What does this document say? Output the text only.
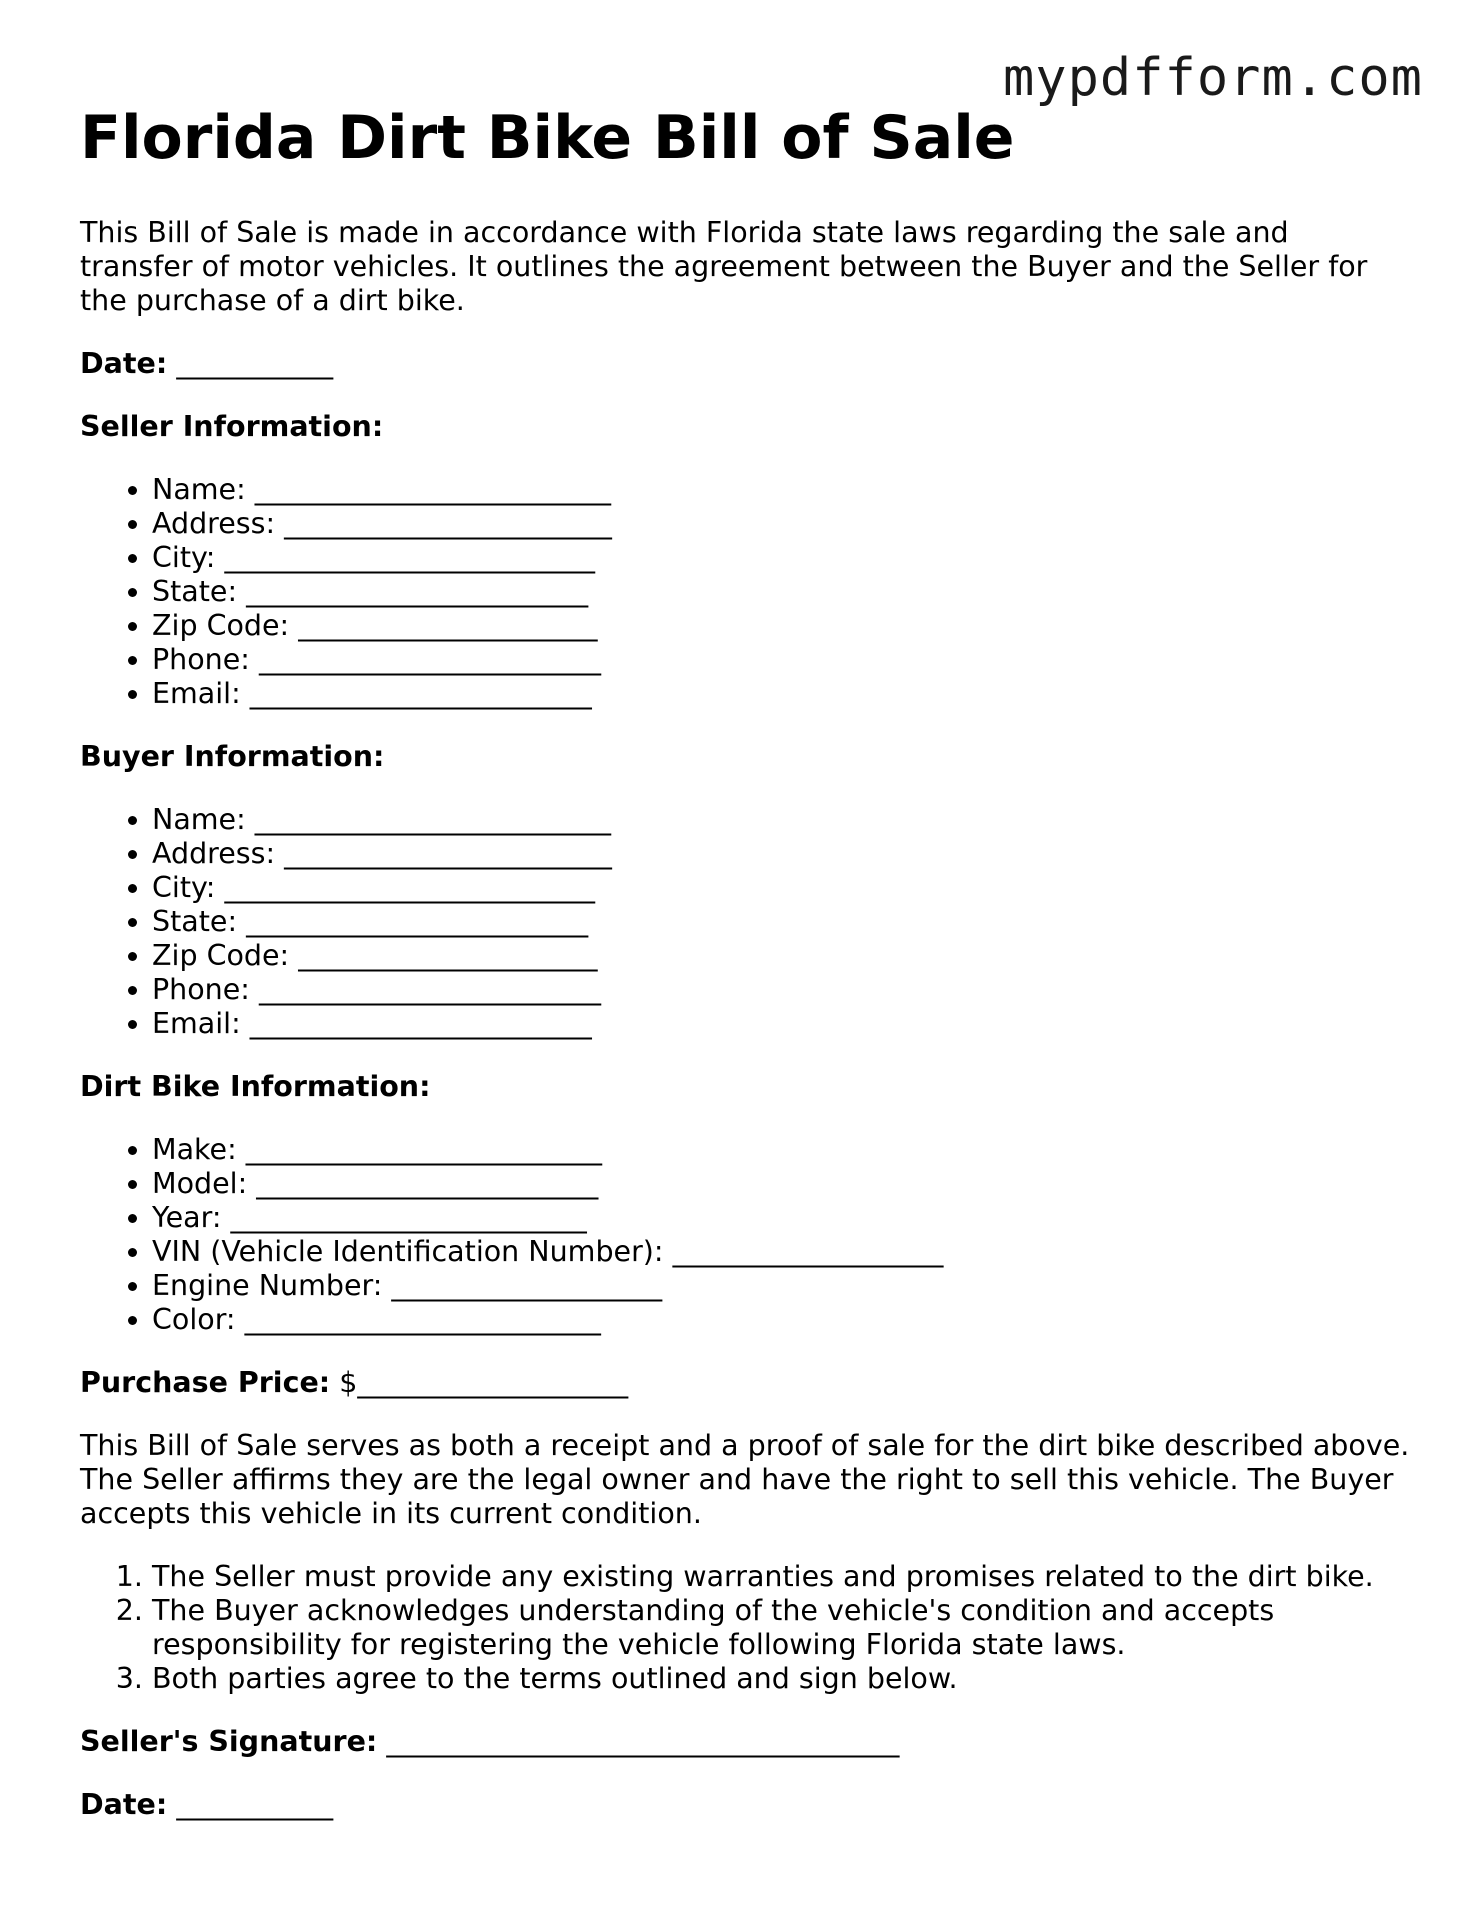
mypdfform.com
Florida Dirt Bike Bill of Sale

This Bill of Sale is made in accordance with Florida state laws regarding the sale and transfer of motor vehicles. It outlines the agreement between the Buyer and the Seller for the purchase of a dirt bike.

Date: ___________

Seller Information:

• Name: _________________________
• Address: _______________________
• City: __________________________
• State: ________________________
• Zip Code: _____________________
• Phone: ________________________
• Email: ________________________

Buyer Information:

• Name: _________________________
• Address: _______________________
• City: __________________________
• State: ________________________
• Zip Code: _____________________
• Phone: ________________________
• Email: ________________________

Dirt Bike Information:

• Make: _________________________
• Model: ________________________
• Year: _________________________
• VIN (Vehicle Identification Number): ___________________
• Engine Number: ___________________
• Color: _________________________

Purchase Price: $___________________

This Bill of Sale serves as both a receipt and a proof of sale for the dirt bike described above. The Seller affirms they are the legal owner and have the right to sell this vehicle. The Buyer accepts this vehicle in its current condition.

1. The Seller must provide any existing warranties and promises related to the dirt bike.
2. The Buyer acknowledges understanding of the vehicle's condition and accepts responsibility for registering the vehicle following Florida state laws.
3. Both parties agree to the terms outlined and sign below.

Seller's Signature: ____________________________________

Date: ___________
